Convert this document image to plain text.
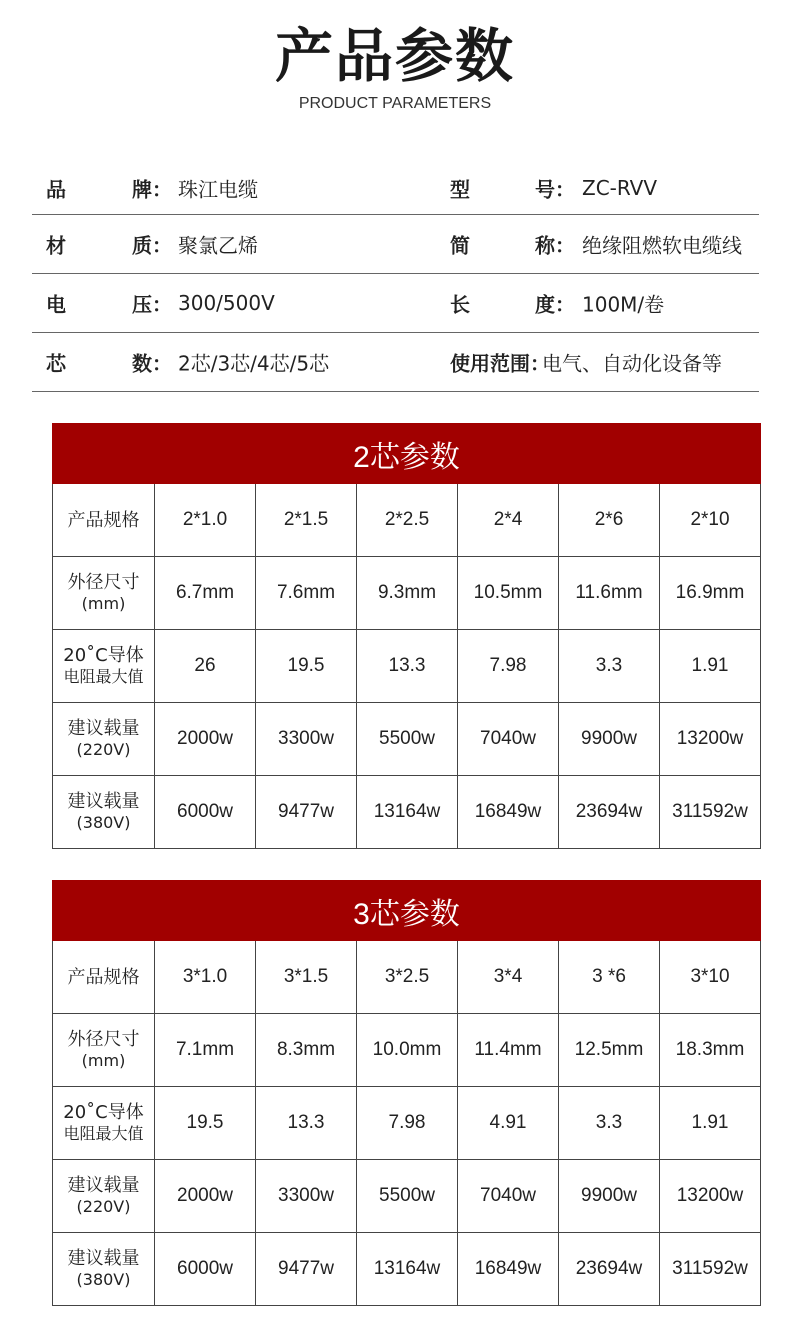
产品参数
PRODUCT PARAMETERS
品	牌： 珠江电缆	型	号： ZC-RVV
材	质： 聚氯乙烯	简	称： 绝缘阻燃软电缆线
电	压： 300/500V	长	度： 100M/卷
芯	数： 2芯/3芯/4芯/5芯	使用范围：
电气、自动化设备等
2芯参数						

产品规格	2*1.0	2*1.5	2*2.5	2*4	2*6	2*10

外径尺寸
(mm)	6.7mm	7.6mm	9.3mm	10.5mm	11.6mm	16.9mm

20˚C导体
电阻最大值	26	19.5	13.3	7.98	3.3	1.91

建议载量
(220V)	2000w	3300w	5500w	7040w	9900w	13200w

建议载量
(380V)	6000w	9477w	13164w	16849w	23694w	311592w
3芯参数						

产品规格	3*1.0	3*1.5	3*2.5	3*4	3 *6	3*10

外径尺寸
(mm)	7.1mm	8.3mm	10.0mm	11.4mm	12.5mm	18.3mm

20˚C导体
电阻最大值	19.5	13.3	7.98	4.91	3.3	1.91

建议载量
(220V)	2000w	3300w	5500w	7040w	9900w	13200w

建议载量
(380V)	6000w	9477w	13164w	16849w	23694w	311592w
